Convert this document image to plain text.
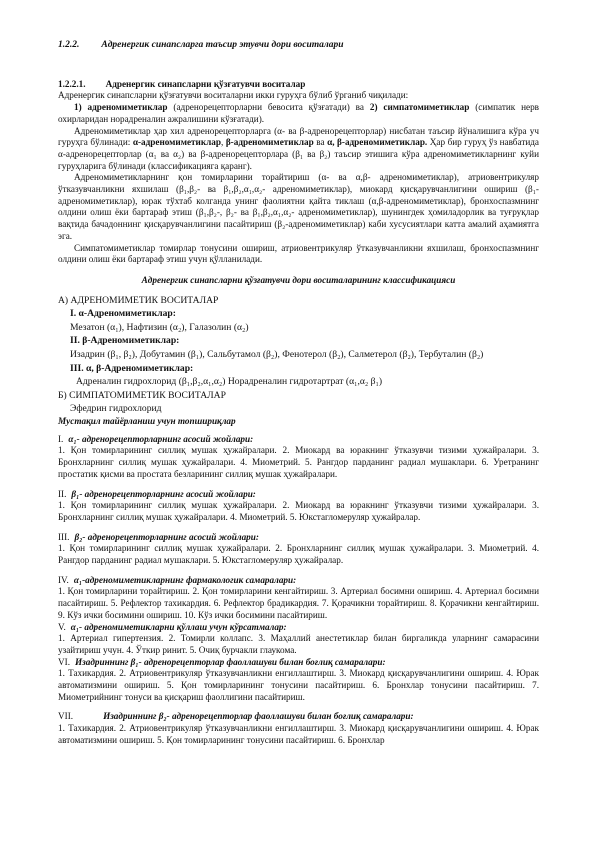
1.2.2. Адренергик синапсларга таъсир этувчи дори воситалари

1.2.2.1. Адренергик синапсларни қўзғатувчи воситалар

Адренергик синапсларни қўзғатувчи воситаларни икки гуруҳга бўлиб ўрганиб чиқилади:

1) адреномиметиклар (адренорецепторларни бевосита қўзғатади) ва 2) симпатомиметиклар (симпатик нерв охирларидан норадреналин ажралишини кўзғатади).

Адреномиметиклар ҳар хил адренорецепторларга (α- ва β-адренорецепторлар) нисбатан таъсир йўналишига кўра уч гуруҳга бўлинади: α-адреномиметиклар, β-адреномиметиклар ва α, β-адреномиметиклар. Ҳар бир гуруҳ ўз навбатида α-адренорецепторлар (α₁ ва α₂) ва β-адренорецепторлара (β₁ ва β₂) таъсир этишига кўра адреномиметикларнинг куйи гуруҳларига бўлинади (классификацияга қаранг).

Адреномиметикларнинг қон томирларини торайтириш (α- ва α,β- адреномиметиклар), атриовентрикуляр ўтказувчанликни яхшилаш (β₁,β₂- ва β₁,β₂,α₁,α₂- адреномиметиклар), миокард қисқарувчанлигини ошириш (β₁-адреномиметиклар), юрак тўхтаб колганда унинг фаолиятни қайта тиклаш (α,β-адреномиметиклар), бронхоспазмнинг олдини олиш ёки бартараф этиш (β₁,β₂-, β₂- ва β₁,β₂,α₁,α₂- адреномиметиклар), шунингдек ҳомиладорлик ва туғруқлар вақтида бачадоннинг қисқарувчанлигини пасайтириш (β₂-адреномиметиклар) каби хусусиятлари катта амалий аҳамиятга эга.

Симпатомиметиклар томирлар тонусини ошириш, атриовентрикуляр ўтказувчанликни яхшилаш, бронхоспазмнинг олдини олиш ёки бартараф этиш учун қўлланилади.

Адренергик синапсларни қўзғатувчи дори воситаларининг классификацияси

А) АДРЕНОМИМЕТИК ВОСИТАЛАР

I. α-Адреномиметиклар:

Мезатон (α₁), Нафтизин (α₂), Галазолин (α₂)

II. β-Адреномиметиклар:

Изадрин (β₁, β₂), Добутамин (β₁), Сальбутамол (β₂), Фенотерол (β₂), Салметерол (β₂), Тербуталин (β₂)

III. α, β-Адреномиметиклар:

Адреналин гидрохлорид (β₁,β₂,α₁,α₂) Норадреналин гидротартрат (α₁,α₂ β₁)

Б) СИМПАТОМИМЕТИК ВОСИТАЛАР

Эфедрин гидрохлорид

Мустақил тайёрланиш учун топшириқлар

I. α₁- адренорецепторларнинг асосий жойлари:

1. Қон томирларининг силлиқ мушак ҳужайралари. 2. Миокард ва юракнинг ўтказувчи тизими ҳужайралари. 3. Бронхларнинг силлиқ мушак ҳужайралари. 4. Миометрий. 5. Рангдор пардaнинг радиал мушаклари. 6. Уретранинг простатик қисми ва простата безларининг силлиқ мушак ҳужайралари.

II. β₁- адренорецепторларнинг асосий жойлари:

1. Қон томирларининг силлиқ мушак ҳужайралари. 2. Миокард ва юракнинг ўтказувчи тизими ҳужайралари. 3. Бронхларнинг силлиқ мушак ҳужайралари. 4. Миометрий. 5. Юкстагломеруляр ҳужайралар.

III. β₂- адренорецепторларнинг асосий жойлари:

1. Қон томирларининг силлиқ мушак ҳужайралари. 2. Бронхларнинг силлиқ мушак ҳужайралари. 3. Миометрий. 4. Рангдор парданинг радиал мушаклари. 5. Юкстагломеруляр ҳужайралар.

IV. α₁-адреномиметикларнинг фармакологик самаралари:

1. Қон томирларини торайтириш. 2. Қон томирларини кенгайтириш. 3. Артериал босимни ошириш. 4. Артериал босимни пасайтириш. 5. Рефлектор тахикардия. 6. Рефлектор брадикардия. 7. Қорачикни торайтириш. 8. Қорачикни кенгайтириш. 9. Кўз ички босимини ошириш. 10. Кўз ички босимини пасайтириш.

V. α₁- адреномиметикларни қўллаш учун кўрсатмалар:

1. Артериал гипертензия. 2. Томирли коллапс. 3. Маҳаллий анестетиклар билан биргаликда уларнинг самарасини узайтириш учун. 4. Ўткир ринит. 5. Очиқ бурчакли глаукома.

VI. Изадриннинг β₁- адренорецепторлар фаоллашуви билан боғлиқ самаралари:

1. Тахикардия. 2. Атриовентрикуляр ўтказувчанликни енгиллаштирш. 3. Миокард қисқарувчанлигини ошириш. 4. Юрак автоматизмини ошириш. 5. Қон томирларининг тонусини пасайтириш. 6. Бронхлар тонусини пасайтириш. 7. Миометрийнинг тонуси ва қисқариш фаоллигини пасайтириш.

VII.	Изадриннинг β₂- адренорецепторлар фаоллашуви билан боғлиқ самаралари:

1. Тахикардия. 2. Атриовентрикуляр ўтказувчанликни енгиллаштирш. 3. Миокард қисқарувчанлигини ошириш. 4. Юрак автоматизмини ошириш. 5. Қон томирларининг тонусини пасайтириш. 6. Бронхлар
